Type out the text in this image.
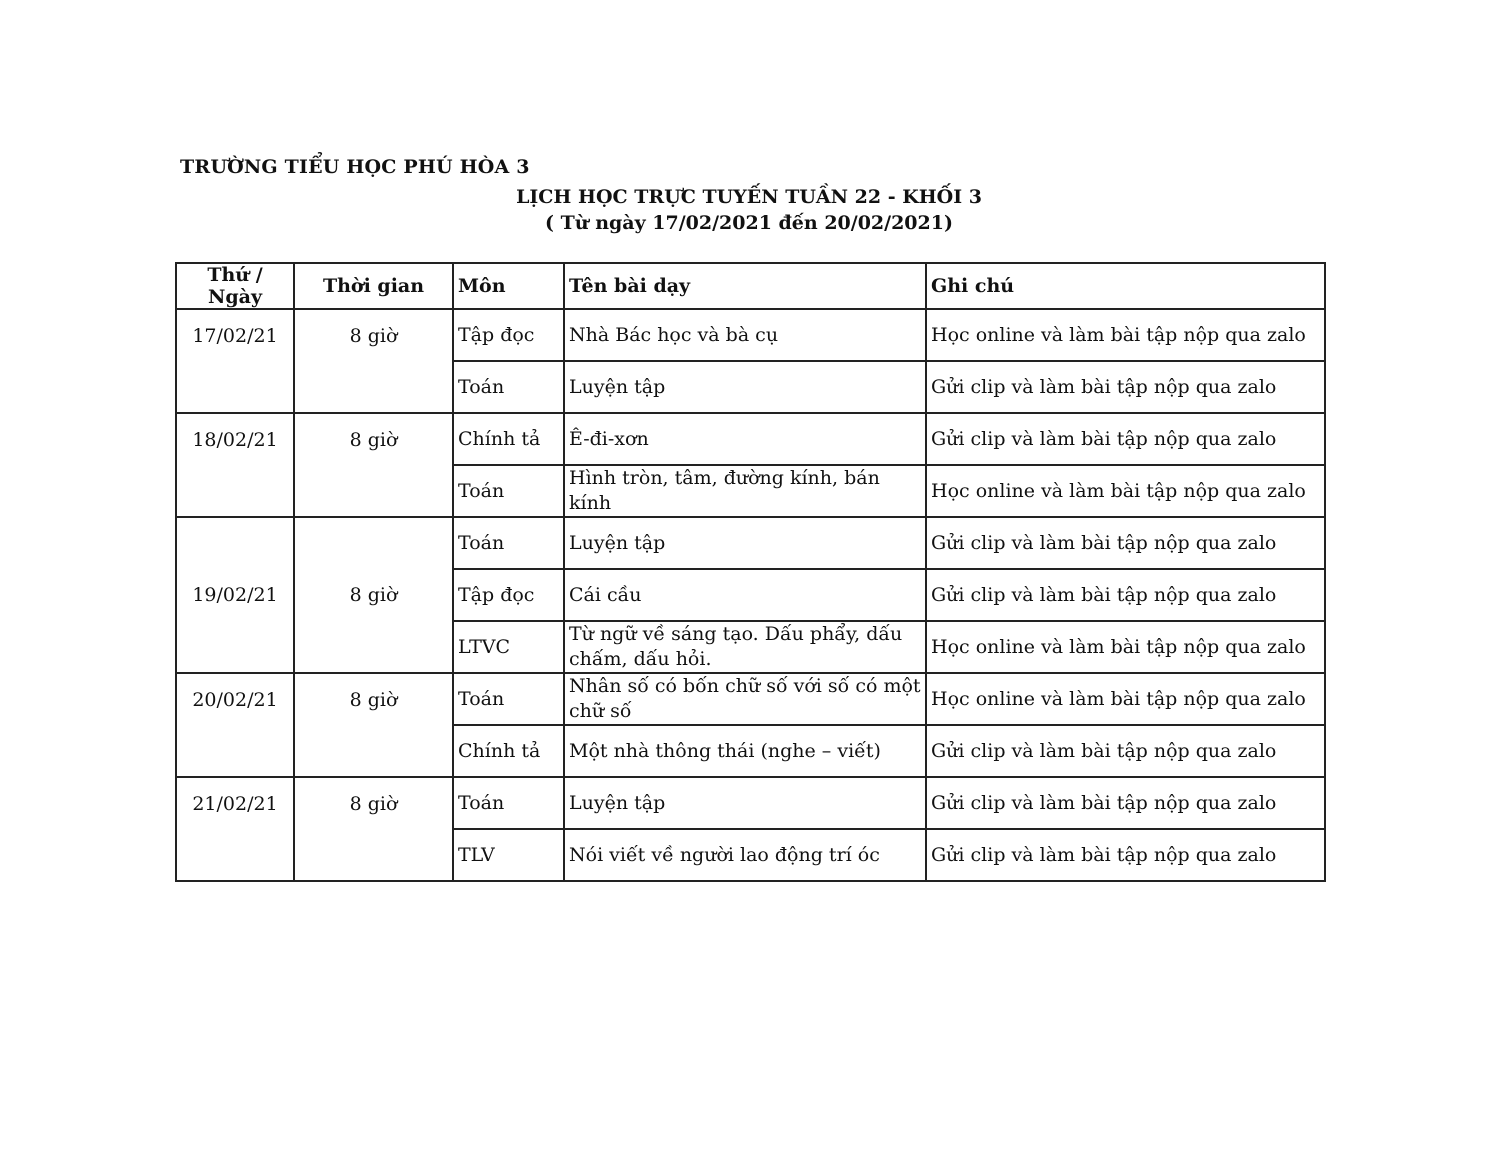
TRƯỜNG TIỂU HỌC PHÚ HÒA 3
LỊCH HỌC TRỰC TUYẾN TUẦN 22 - KHỐI 3
( Từ ngày 17/02/2021 đến 20/02/2021)
Thứ / Ngày	Thời gian	Môn	Tên bài dạy	Ghi chú
17/02/21	8 giờ	Tập đọc	Nhà Bác học và bà cụ	Học online và làm bài tập nộp qua zalo
		Toán	Luyện tập	Gửi clip và làm bài tập nộp qua zalo
18/02/21	8 giờ	Chính tả	Ê-đi-xơn	Gửi clip và làm bài tập nộp qua zalo
		Toán	Hình tròn, tâm, đường kính, bán kính	Học online và làm bài tập nộp qua zalo
19/02/21	8 giờ	Toán	Luyện tập	Gửi clip và làm bài tập nộp qua zalo
		Tập đọc	Cái cầu	Gửi clip và làm bài tập nộp qua zalo
		LTVC	Từ ngữ về sáng tạo. Dấu phẩy, dấu chấm, dấu hỏi.	Học online và làm bài tập nộp qua zalo
20/02/21	8 giờ	Toán	Nhân số có bốn chữ số với số có một chữ số	Học online và làm bài tập nộp qua zalo
		Chính tả	Một nhà thông thái (nghe – viết)	Gửi clip và làm bài tập nộp qua zalo
21/02/21	8 giờ	Toán	Luyện tập	Gửi clip và làm bài tập nộp qua zalo
		TLV	Nói viết về người lao động trí óc	Gửi clip và làm bài tập nộp qua zalo
